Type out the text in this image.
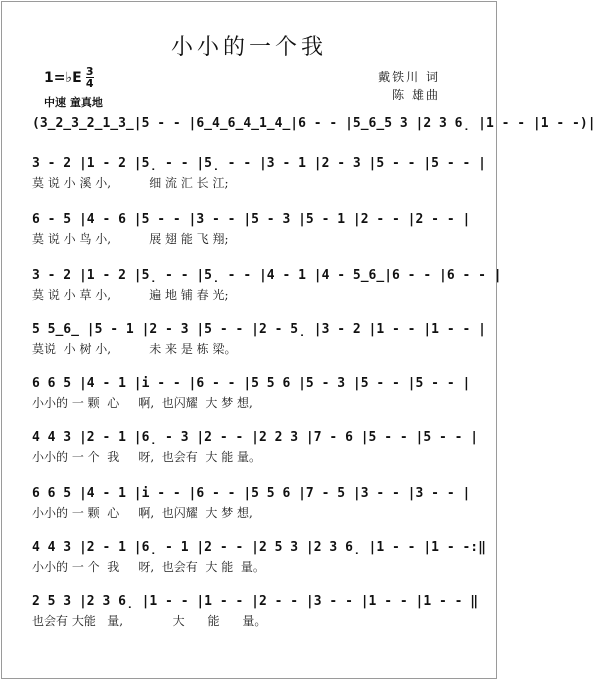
小小的一个我
1=♭E 3
4
中速 童真地
戴铁川 词
陈 雄曲
(3̲2̲3̲2̲1̲3̲|5 - - |6̲4̲6̲4̲1̲4̲|6 - - |5̲6̲5 3 |2 3 6̣ |1 - - |1 - -)|
3 - 2 |1 - 2 |5̣ - - |5̣ - - |3 - 1 |2 - 3 |5 - - |5 - - |
莫 说 小 溪 小,          细 流 汇 长 江;
6 - 5 |4 - 6 |5 - - |3 - - |5 - 3 |5 - 1 |2 - - |2 - - |
莫 说 小 鸟 小,          展 翅 能 飞 翔;
3 - 2 |1 - 2 |5̣ - - |5̣ - - |4 - 1 |4 - 5̲6̲|6 - - |6 - - |
莫 说 小 草 小,          遍 地 铺 春 光;
5 5̲6̲ |5 - 1 |2 - 3 |5 - - |2 - 5̣ |3 - 2 |1 - - |1 - - |
莫说  小 树 小,          未 来 是 栋 梁。
6 6 5 |4 - 1 |i - - |6 - - |5 5 6 |5 - 3 |5 - - |5 - - |
小小的 一 颗  心     啊,  也闪耀  大 梦 想,
4 4 3 |2 - 1 |6̣ - 3 |2 - - |2 2 3 |7 - 6 |5 - - |5 - - |
小小的 一 个  我     呀,  也会有  大 能 量。
6 6 5 |4 - 1 |i - - |6 - - |5 5 6 |7 - 5 |3 - - |3 - - |
小小的 一 颗  心     啊,  也闪耀  大 梦 想,
4 4 3 |2 - 1 |6̣ - 1 |2 - - |2 5 3 |2 3 6̣ |1 - - |1 - -:‖
小小的 一 个  我     呀,  也会有  大 能  量。
2 5 3 |2 3 6̣ |1 - - |1 - - |2 - - |3 - - |1 - - |1 - - ‖
也会有 大能   量,             大      能      量。
